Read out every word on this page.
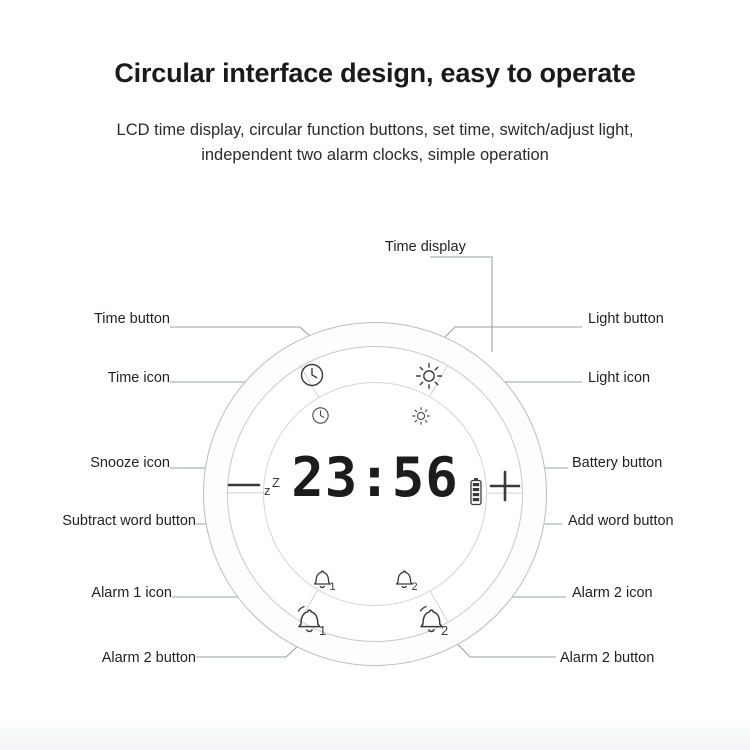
Circular interface design, easy to operate
LCD time display, circular function buttons, set time, switch/adjust light,
independent two alarm clocks, simple operation
23:56
z
Z
1	2
1	2
Time display
Time button
Time icon
Snooze icon
Subtract word button
Alarm 1 icon
Alarm 2 button
Light button
Light icon
Battery button
Add word button
Alarm 2 icon
Alarm 2 button
